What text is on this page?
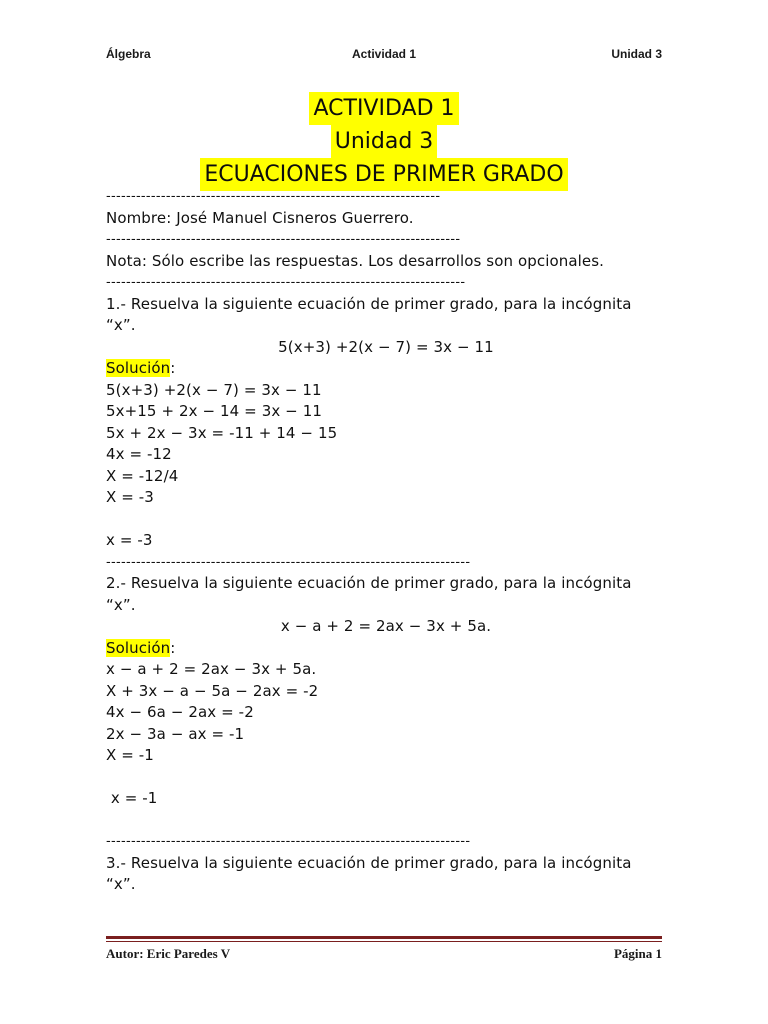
Álgebra	Actividad 1	Unidad 3
ACTIVIDAD 1
Unidad 3
ECUACIONES DE PRIMER GRADO
-------------------------------------------------------------------
Nombre: José Manuel Cisneros Guerrero.
-----------------------------------------------------------------------
Nota: Sólo escribe las respuestas. Los desarrollos son opcionales.
------------------------------------------------------------------------
1.- Resuelva la siguiente ecuación de primer grado, para la incógnita
“x”.
5(x+3) +2(x − 7) = 3x − 11
Solución:
5(x+3) +2(x − 7) = 3x − 11
5x+15 + 2x − 14 = 3x − 11
5x + 2x − 3x = -11 + 14 − 15
4x = -12
X = -12/4
X = -3
x = -3
-------------------------------------------------------------------------
2.- Resuelva la siguiente ecuación de primer grado, para la incógnita
“x”.
x − a + 2 = 2ax − 3x + 5a.
Solución:
x − a + 2 = 2ax − 3x + 5a.
X + 3x − a − 5a − 2ax = -2
4x − 6a − 2ax = -2
2x − 3a − ax = -1
X = -1
x = -1
-------------------------------------------------------------------------
3.- Resuelva la siguiente ecuación de primer grado, para la incógnita
“x”.
Autor: Eric Paredes V	Página 1
